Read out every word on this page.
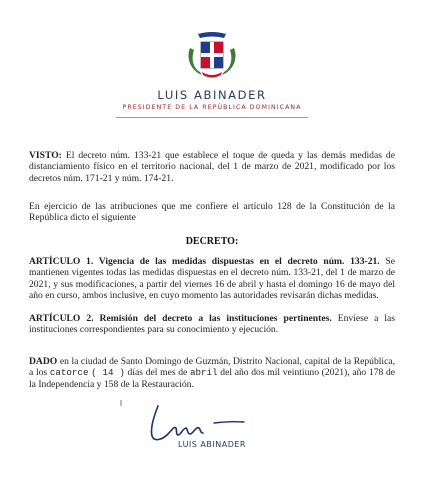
LUIS ABINADER
PRESIDENTE DE LA REPÚBLICA DOMINICANA
VISTO: El decreto núm. 133-21 que establece el toque de queda y las demás medidas de distanciamiento físico en el territorio nacional, del 1 de marzo de 2021, modificado por los decretos núm. 171-21 y núm. 174-21.
En ejercicio de las atribuciones que me confiere el artículo 128 de la Constitución de la República dicto el siguiente
DECRETO:
ARTÍCULO 1. Vigencia de las medidas dispuestas en el decreto núm. 133-21. Se mantienen vigentes todas las medidas dispuestas en el decreto núm. 133-21, del 1 de marzo de 2021, y sus modificaciones, a partir del viernes 16 de abril y hasta el domingo 16 de mayo del año en curso, ambos inclusive, en cuyo momento las autoridades revisarán dichas medidas.
ARTÍCULO 2. Remisión del decreto a las instituciones pertinentes. Envíese a las instituciones correspondientes para su conocimiento y ejecución.
DADO en la ciudad de Santo Domingo de Guzmán, Distrito Nacional, capital de la República, a los catorce ( 14 ) días del mes de abril del año dos mil veintiuno (2021), año 178 de la Independencia y 158 de la Restauración.
LUIS ABINADER
